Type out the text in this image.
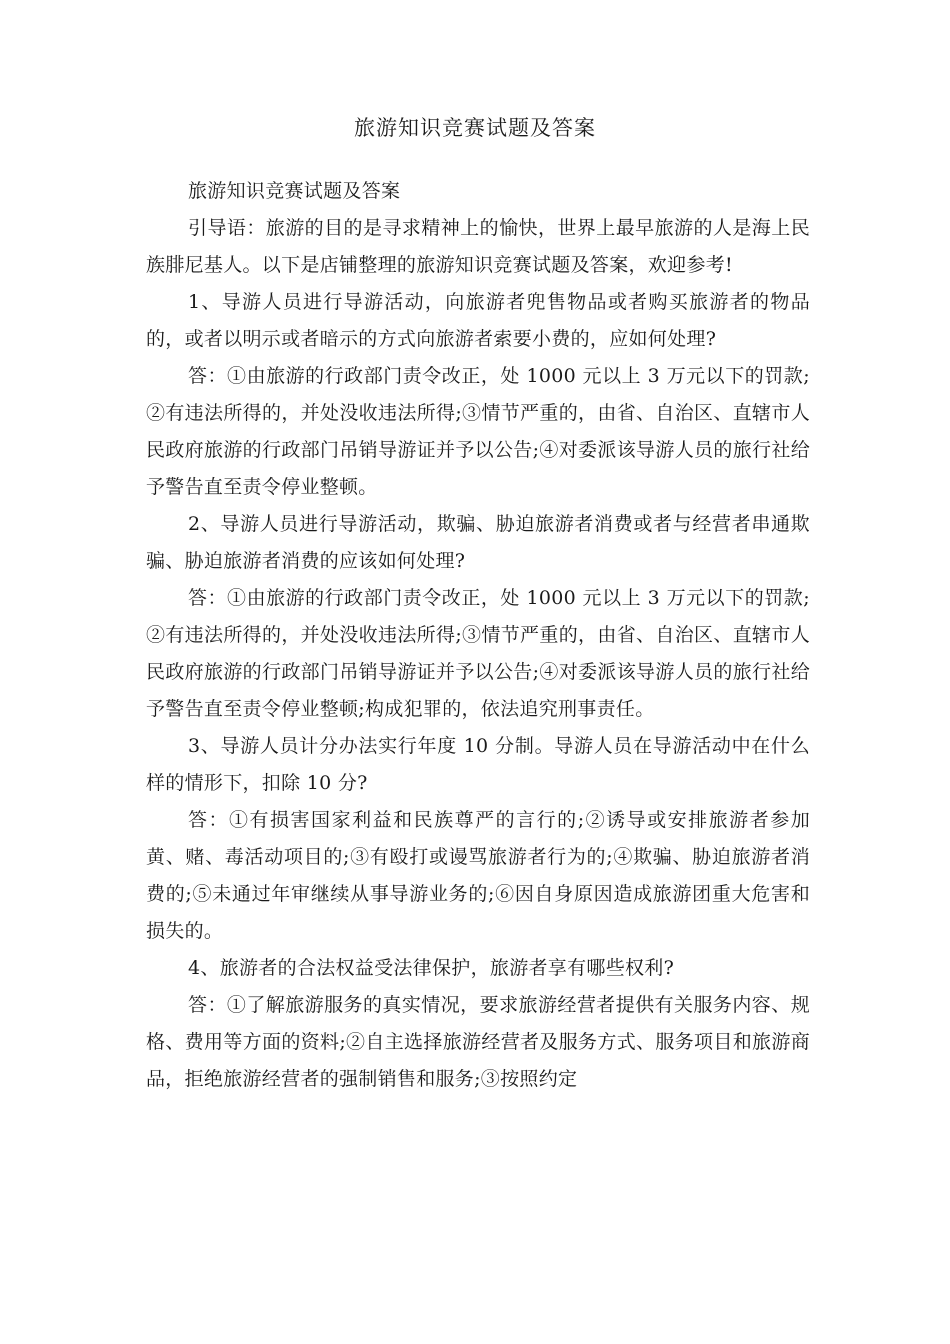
旅游知识竞赛试题及答案

旅游知识竞赛试题及答案

引导语：旅游的目的是寻求精神上的愉快，世界上最早旅游的人是海上民族腓尼基人。以下是店铺整理的旅游知识竞赛试题及答案，欢迎参考!

1、导游人员进行导游活动，向旅游者兜售物品或者购买旅游者的物品的，或者以明示或者暗示的方式向旅游者索要小费的，应如何处理?

答：①由旅游的行政部门责令改正，处 1000 元以上 3 万元以下的罚款;②有违法所得的，并处没收违法所得;③情节严重的，由省、自治区、直辖市人民政府旅游的行政部门吊销导游证并予以公告;④对委派该导游人员的旅行社给予警告直至责令停业整顿。

2、导游人员进行导游活动，欺骗、胁迫旅游者消费或者与经营者串通欺骗、胁迫旅游者消费的应该如何处理?

答：①由旅游的行政部门责令改正，处 1000 元以上 3 万元以下的罚款;②有违法所得的，并处没收违法所得;③情节严重的，由省、自治区、直辖市人民政府旅游的行政部门吊销导游证并予以公告;④对委派该导游人员的旅行社给予警告直至责令停业整顿;构成犯罪的，依法追究刑事责任。

3、导游人员计分办法实行年度 10 分制。导游人员在导游活动中在什么样的情形下，扣除 10 分?

答：①有损害国家利益和民族尊严的言行的;②诱导或安排旅游者参加黄、赌、毒活动项目的;③有殴打或谩骂旅游者行为的;④欺骗、胁迫旅游者消费的;⑤未通过年审继续从事导游业务的;⑥因自身原因造成旅游团重大危害和损失的。

4、旅游者的合法权益受法律保护，旅游者享有哪些权利?

答：①了解旅游服务的真实情况，要求旅游经营者提供有关服务内容、规格、费用等方面的资料;②自主选择旅游经营者及服务方式、服务项目和旅游商品，拒绝旅游经营者的强制销售和服务;③按照约定
